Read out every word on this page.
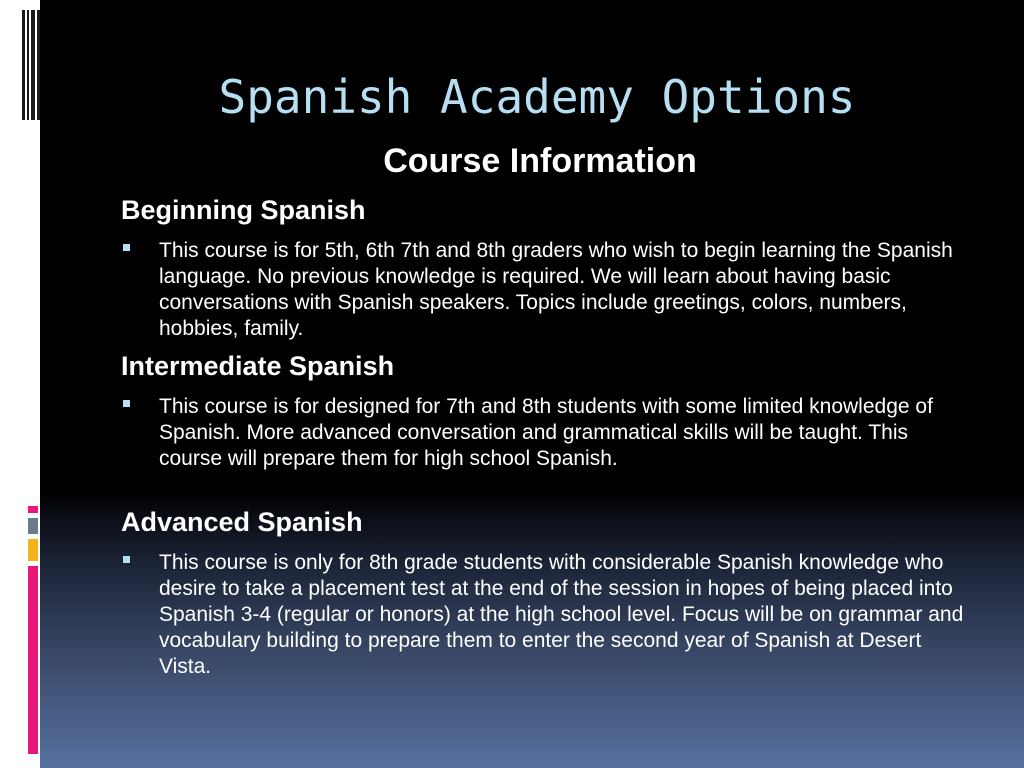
Spanish Academy Options
Course Information
Beginning Spanish

This course is for 5th, 6th 7th and 8th graders who wish to begin learning the Spanish language. No previous knowledge is required. We will learn about having basic conversations with Spanish speakers. Topics include greetings, colors, numbers, hobbies, family.

Intermediate Spanish

This course is for designed for 7th and 8th students with some limited knowledge of Spanish. More advanced conversation and grammatical skills will be taught. This course will prepare them for high school Spanish.

Advanced Spanish

This course is only for 8th grade students with considerable Spanish knowledge who desire to take a placement test at the end of the session in hopes of being placed into Spanish 3-4 (regular or honors) at the high school level. Focus will be on grammar and vocabulary building to prepare them to enter the second year of Spanish at Desert Vista.
